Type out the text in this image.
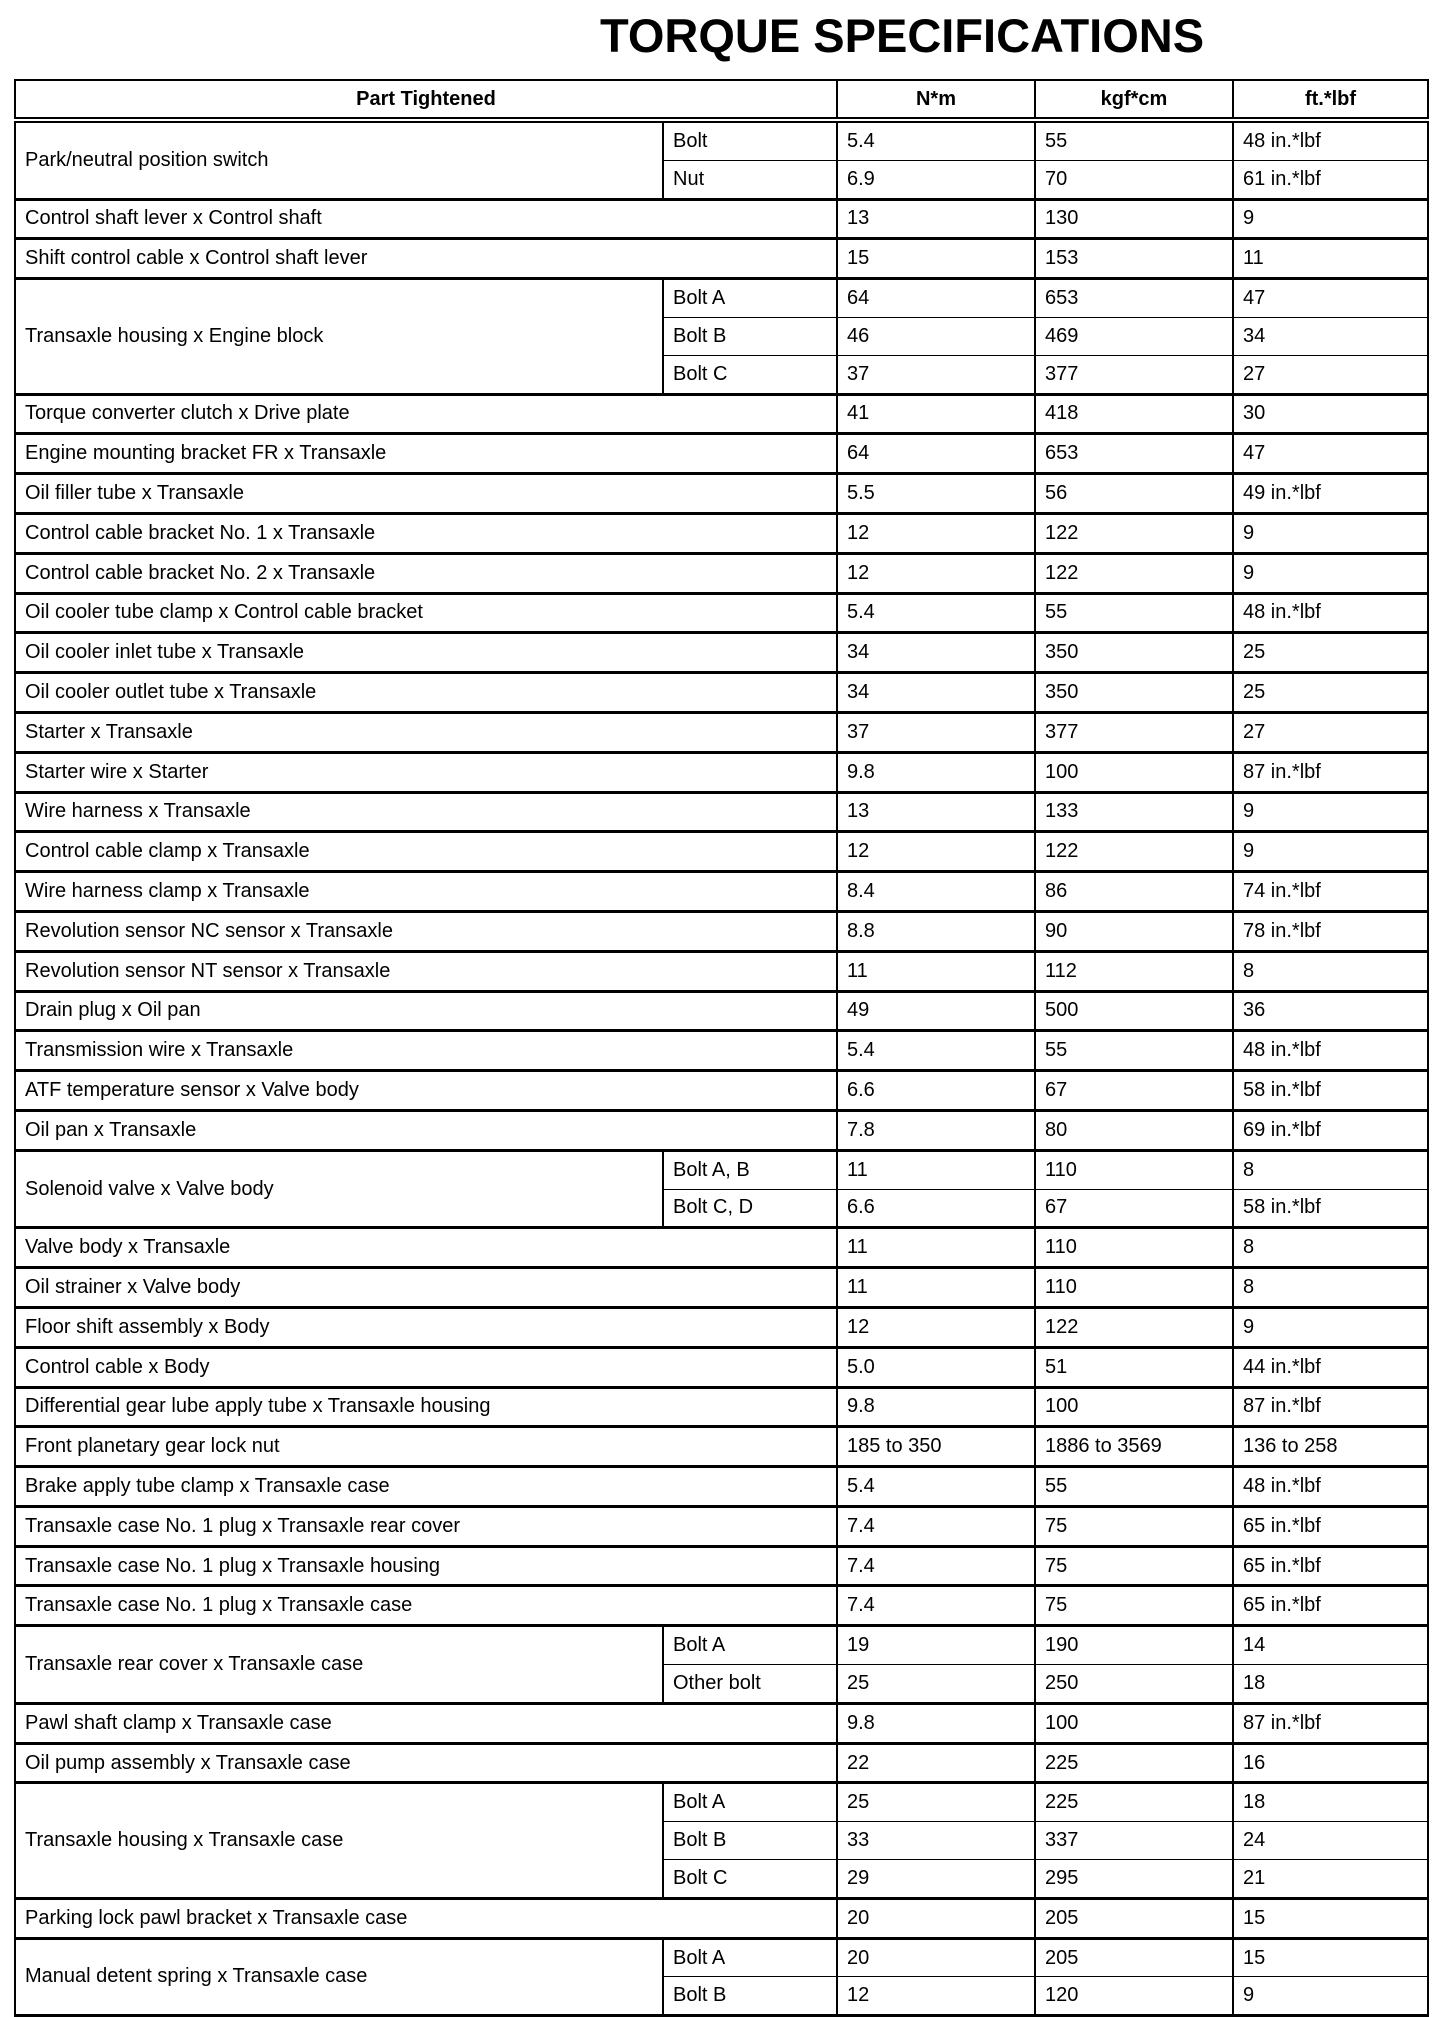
TORQUE SPECIFICATIONS
Part Tightened		N*m	kgf*cm	ft.*lbf
Park/neutral position switch	Bolt	5.4	55	48 in.*lbf
	Nut	6.9	70	61 in.*lbf
Control shaft lever x Control shaft		13	130	9
Shift control cable x Control shaft lever		15	153	11
Transaxle housing x Engine block	Bolt A	64	653	47
	Bolt B	46	469	34
	Bolt C	37	377	27
Torque converter clutch x Drive plate		41	418	30
Engine mounting bracket FR x Transaxle		64	653	47
Oil filler tube x Transaxle		5.5	56	49 in.*lbf
Control cable bracket No. 1 x Transaxle		12	122	9
Control cable bracket No. 2 x Transaxle		12	122	9
Oil cooler tube clamp x Control cable bracket		5.4	55	48 in.*lbf
Oil cooler inlet tube x Transaxle		34	350	25
Oil cooler outlet tube x Transaxle		34	350	25
Starter x Transaxle		37	377	27
Starter wire x Starter		9.8	100	87 in.*lbf
Wire harness x Transaxle		13	133	9
Control cable clamp x Transaxle		12	122	9
Wire harness clamp x Transaxle		8.4	86	74 in.*lbf
Revolution sensor NC sensor x Transaxle		8.8	90	78 in.*lbf
Revolution sensor NT sensor x Transaxle		11	112	8
Drain plug x Oil pan		49	500	36
Transmission wire x Transaxle		5.4	55	48 in.*lbf
ATF temperature sensor x Valve body		6.6	67	58 in.*lbf
Oil pan x Transaxle		7.8	80	69 in.*lbf
Solenoid valve x Valve body	Bolt A, B	11	110	8
	Bolt C, D	6.6	67	58 in.*lbf
Valve body x Transaxle		11	110	8
Oil strainer x Valve body		11	110	8
Floor shift assembly x Body		12	122	9
Control cable x Body		5.0	51	44 in.*lbf
Differential gear lube apply tube x Transaxle housing		9.8	100	87 in.*lbf
Front planetary gear lock nut		185 to 350	1886 to 3569	136 to 258
Brake apply tube clamp x Transaxle case		5.4	55	48 in.*lbf
Transaxle case No. 1 plug x Transaxle rear cover		7.4	75	65 in.*lbf
Transaxle case No. 1 plug x Transaxle housing		7.4	75	65 in.*lbf
Transaxle case No. 1 plug x Transaxle case		7.4	75	65 in.*lbf
Transaxle rear cover x Transaxle case	Bolt A	19	190	14
	Other bolt	25	250	18
Pawl shaft clamp x Transaxle case		9.8	100	87 in.*lbf
Oil pump assembly x Transaxle case		22	225	16
Transaxle housing x Transaxle case	Bolt A	25	225	18
	Bolt B	33	337	24
	Bolt C	29	295	21
Parking lock pawl bracket x Transaxle case		20	205	15
Manual detent spring x Transaxle case	Bolt A	20	205	15
	Bolt B	12	120	9
